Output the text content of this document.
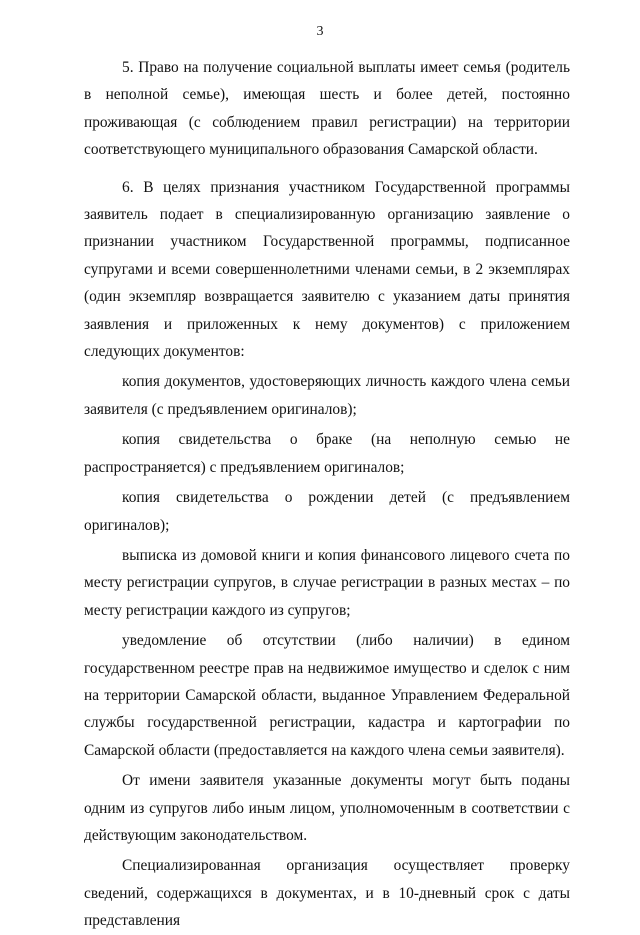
3

5. Право на получение социальной выплаты имеет семья (родитель в неполной семье), имеющая шесть и более детей, постоянно проживающая (с соблюдением правил регистрации) на территории соответствующего муниципального образования Самарской области.

6. В целях признания участником Государственной программы заявитель подает в специализированную организацию заявление о признании участником Государственной программы, подписанное супругами и всеми совершеннолетними членами семьи, в 2 экземплярах (один экземпляр возвращается заявителю с указанием даты принятия заявления и приложенных к нему документов) с приложением следующих документов:

копия документов, удостоверяющих личность каждого члена семьи заявителя (с предъявлением оригиналов);

копия свидетельства о браке (на неполную семью не распространяется) с предъявлением оригиналов;

копия свидетельства о рождении детей (с предъявлением оригиналов);

выписка из домовой книги и копия финансового лицевого счета по месту регистрации супругов, в случае регистрации в разных местах – по месту регистрации каждого из супругов;

уведомление об отсутствии (либо наличии) в едином государственном реестре прав на недвижимое имущество и сделок с ним на территории Самарской области, выданное Управлением Федеральной службы государственной регистрации, кадастра и картографии по Самарской области (предоставляется на каждого члена семьи заявителя).

От имени заявителя указанные документы могут быть поданы одним из супругов либо иным лицом, уполномоченным в соответствии с действующим законодательством.

Специализированная организация осуществляет проверку сведений, содержащихся в документах, и в 10-дневный срок с даты представления
